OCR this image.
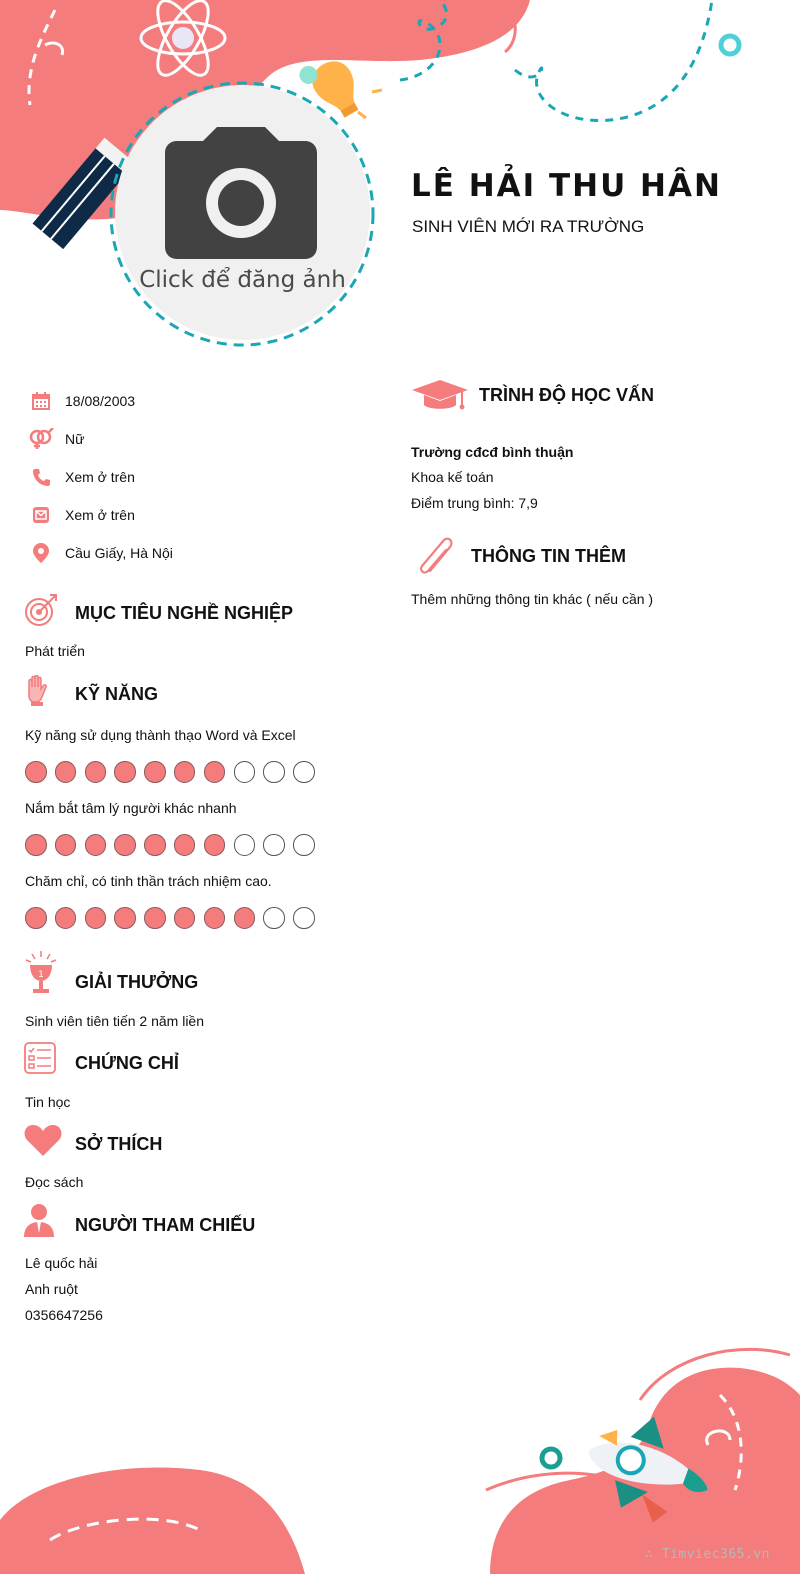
Click để đăng ảnh
LÊ HẢI THU HÂN
SINH VIÊN MỚI RA TRƯỜNG
18/08/2003
Nữ
Xem ở trên
Xem ở trên
Cầu Giấy, Hà Nội
MỤC TIÊU NGHỀ NGHIỆP
Phát triển
KỸ NĂNG
Kỹ năng sử dụng thành thạo Word và Excel
Nắm bắt tâm lý người khác nhanh
Chăm chỉ, có tinh thần trách nhiệm cao.
1 GIẢI THƯỞNG
Sinh viên tiên tiến 2 năm liền
CHỨNG CHỈ
Tin học
SỞ THÍCH
Đọc sách
NGƯỜI THAM CHIẾU
Lê quốc hải
Anh ruột
0356647256
TRÌNH ĐỘ HỌC VẤN
Trường cđcđ bình thuận
Khoa kế toán
Điểm trung bình: 7,9
THÔNG TIN THÊM
Thêm những thông tin khác ( nếu cần )
∴ Timviec365.vn
